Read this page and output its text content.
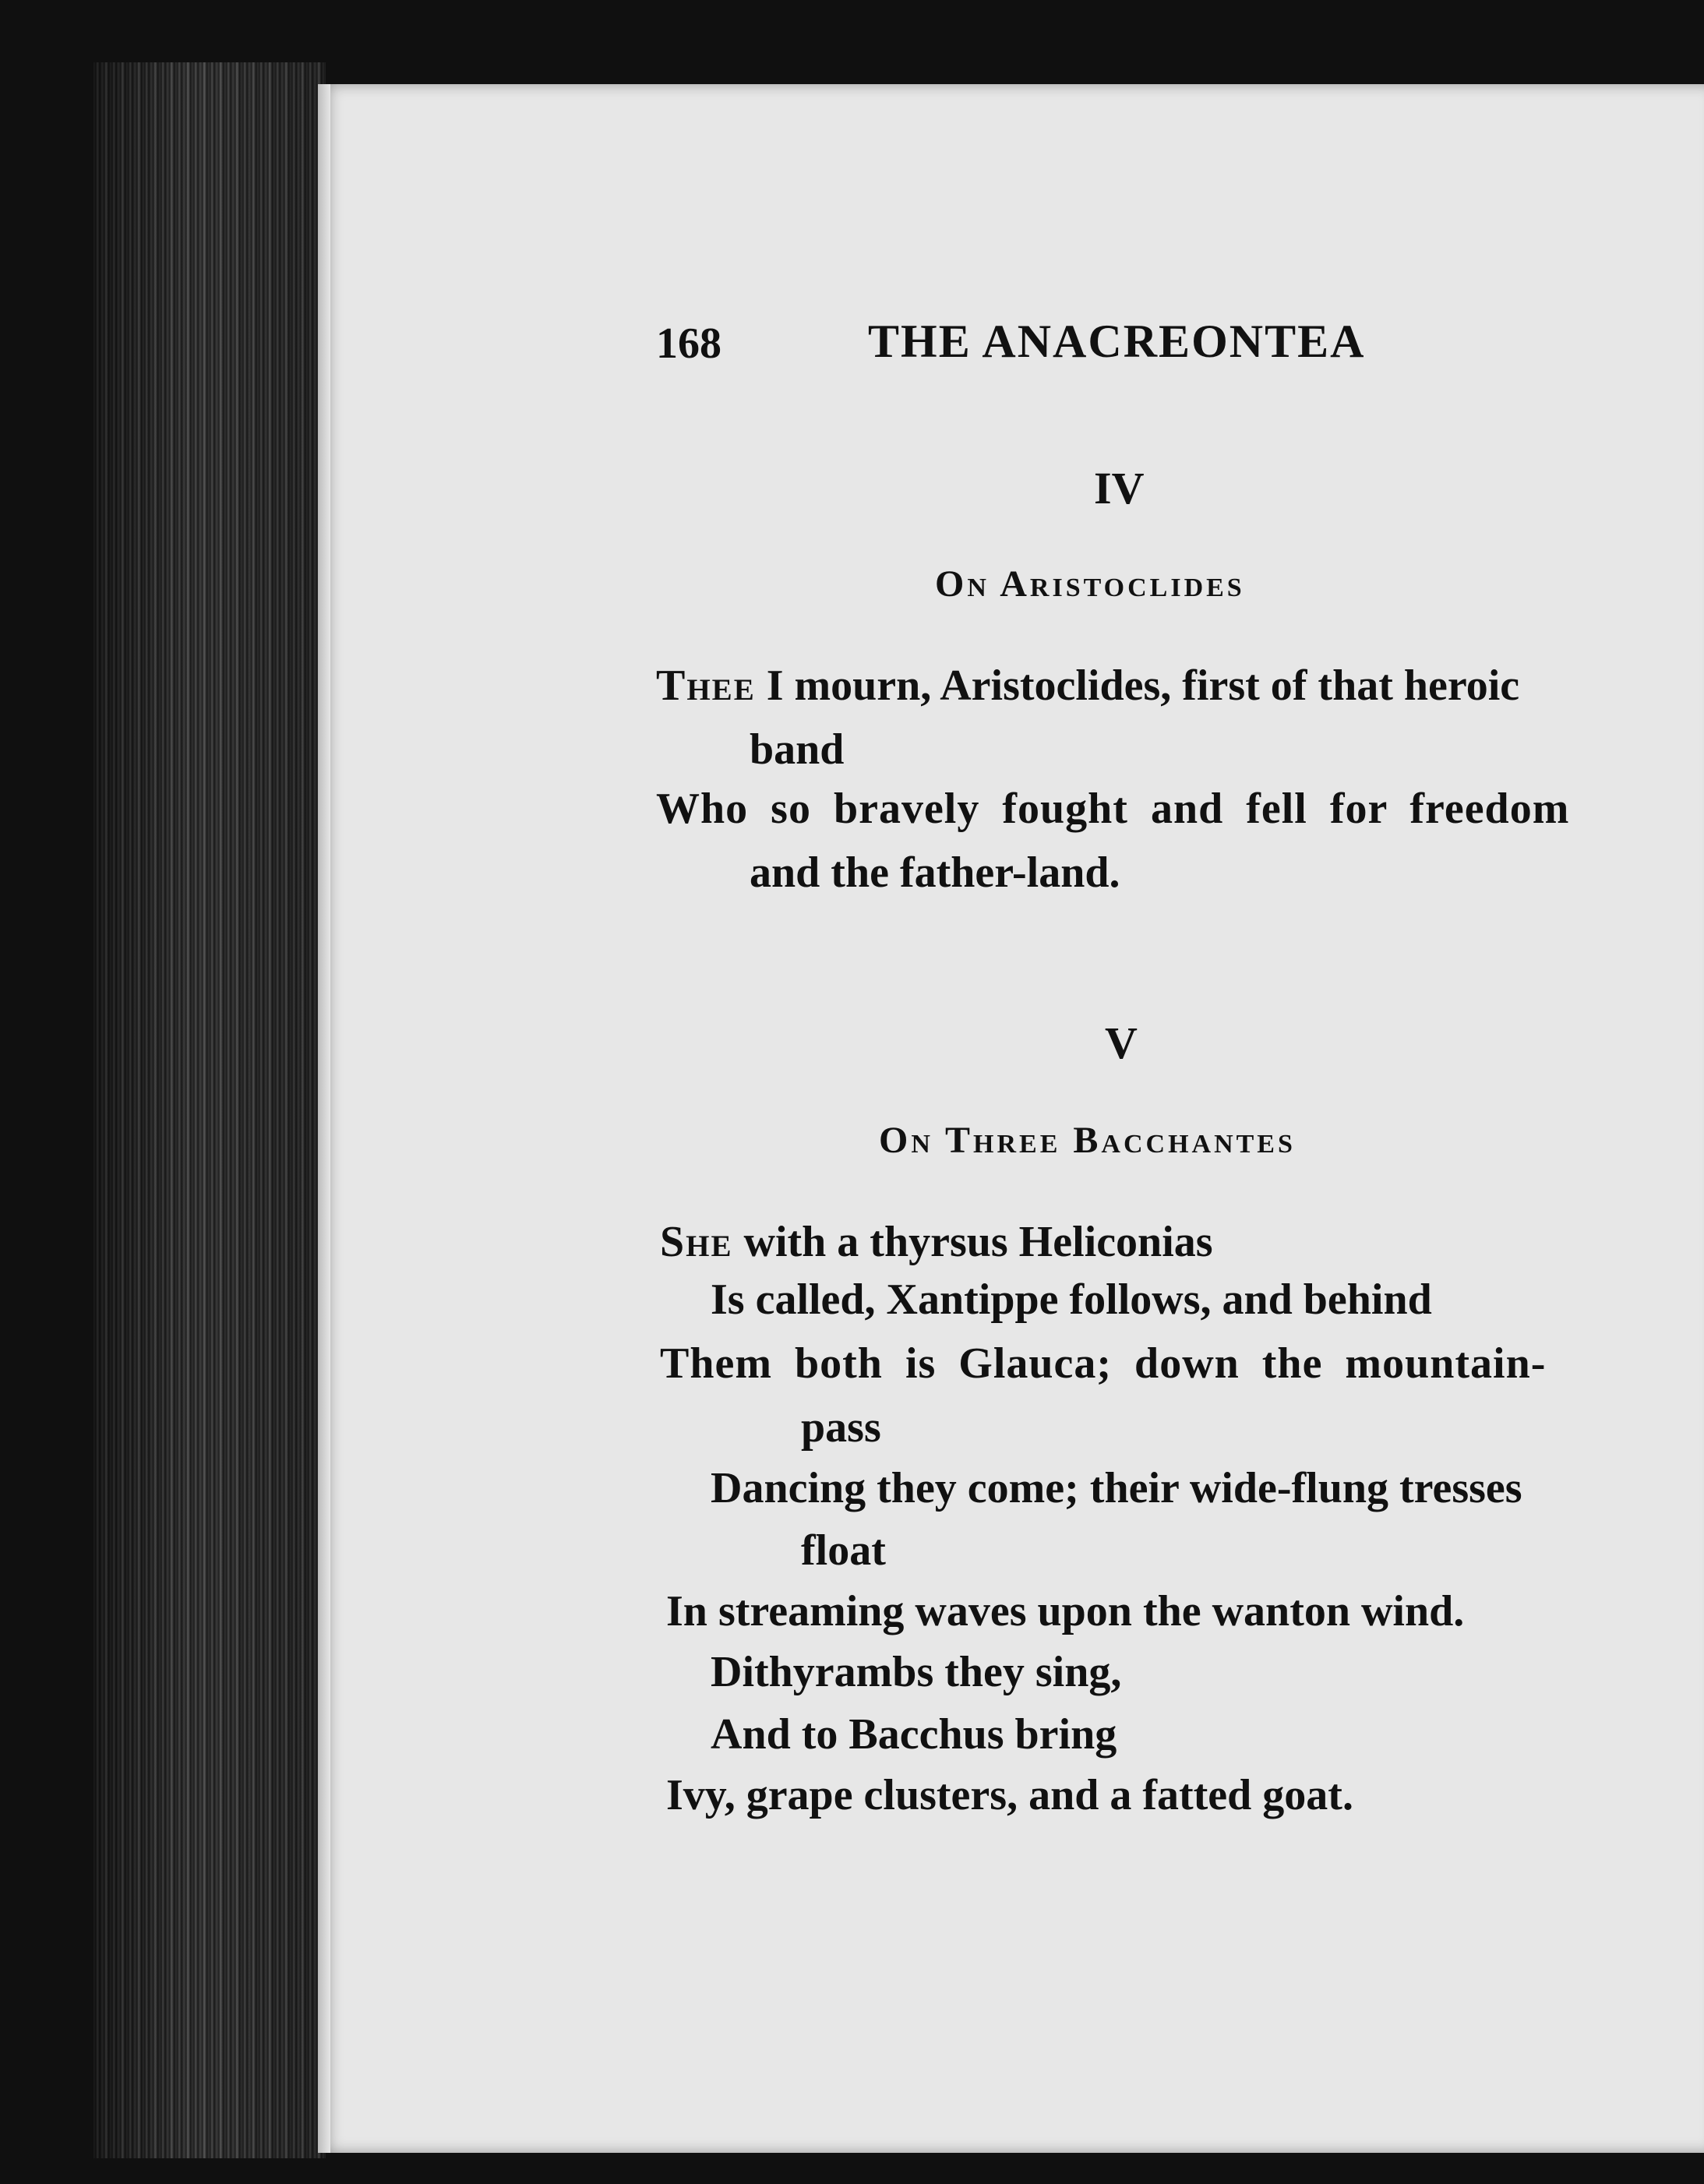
168	THE ANACREONTEA
IV
On Aristoclides
Thee I mourn, Aristoclides, first of that heroic
band
Who so bravely fought and fell for freedom
and the father-land.
V
On Three Bacchantes
She with a thyrsus Heliconias
Is called, Xantippe follows, and behind
Them both is Glauca; down the mountain-
pass
Dancing they come; their wide-flung tresses
float
In streaming waves upon the wanton wind.
Dithyrambs they sing,
And to Bacchus bring
Ivy, grape clusters, and a fatted goat.
